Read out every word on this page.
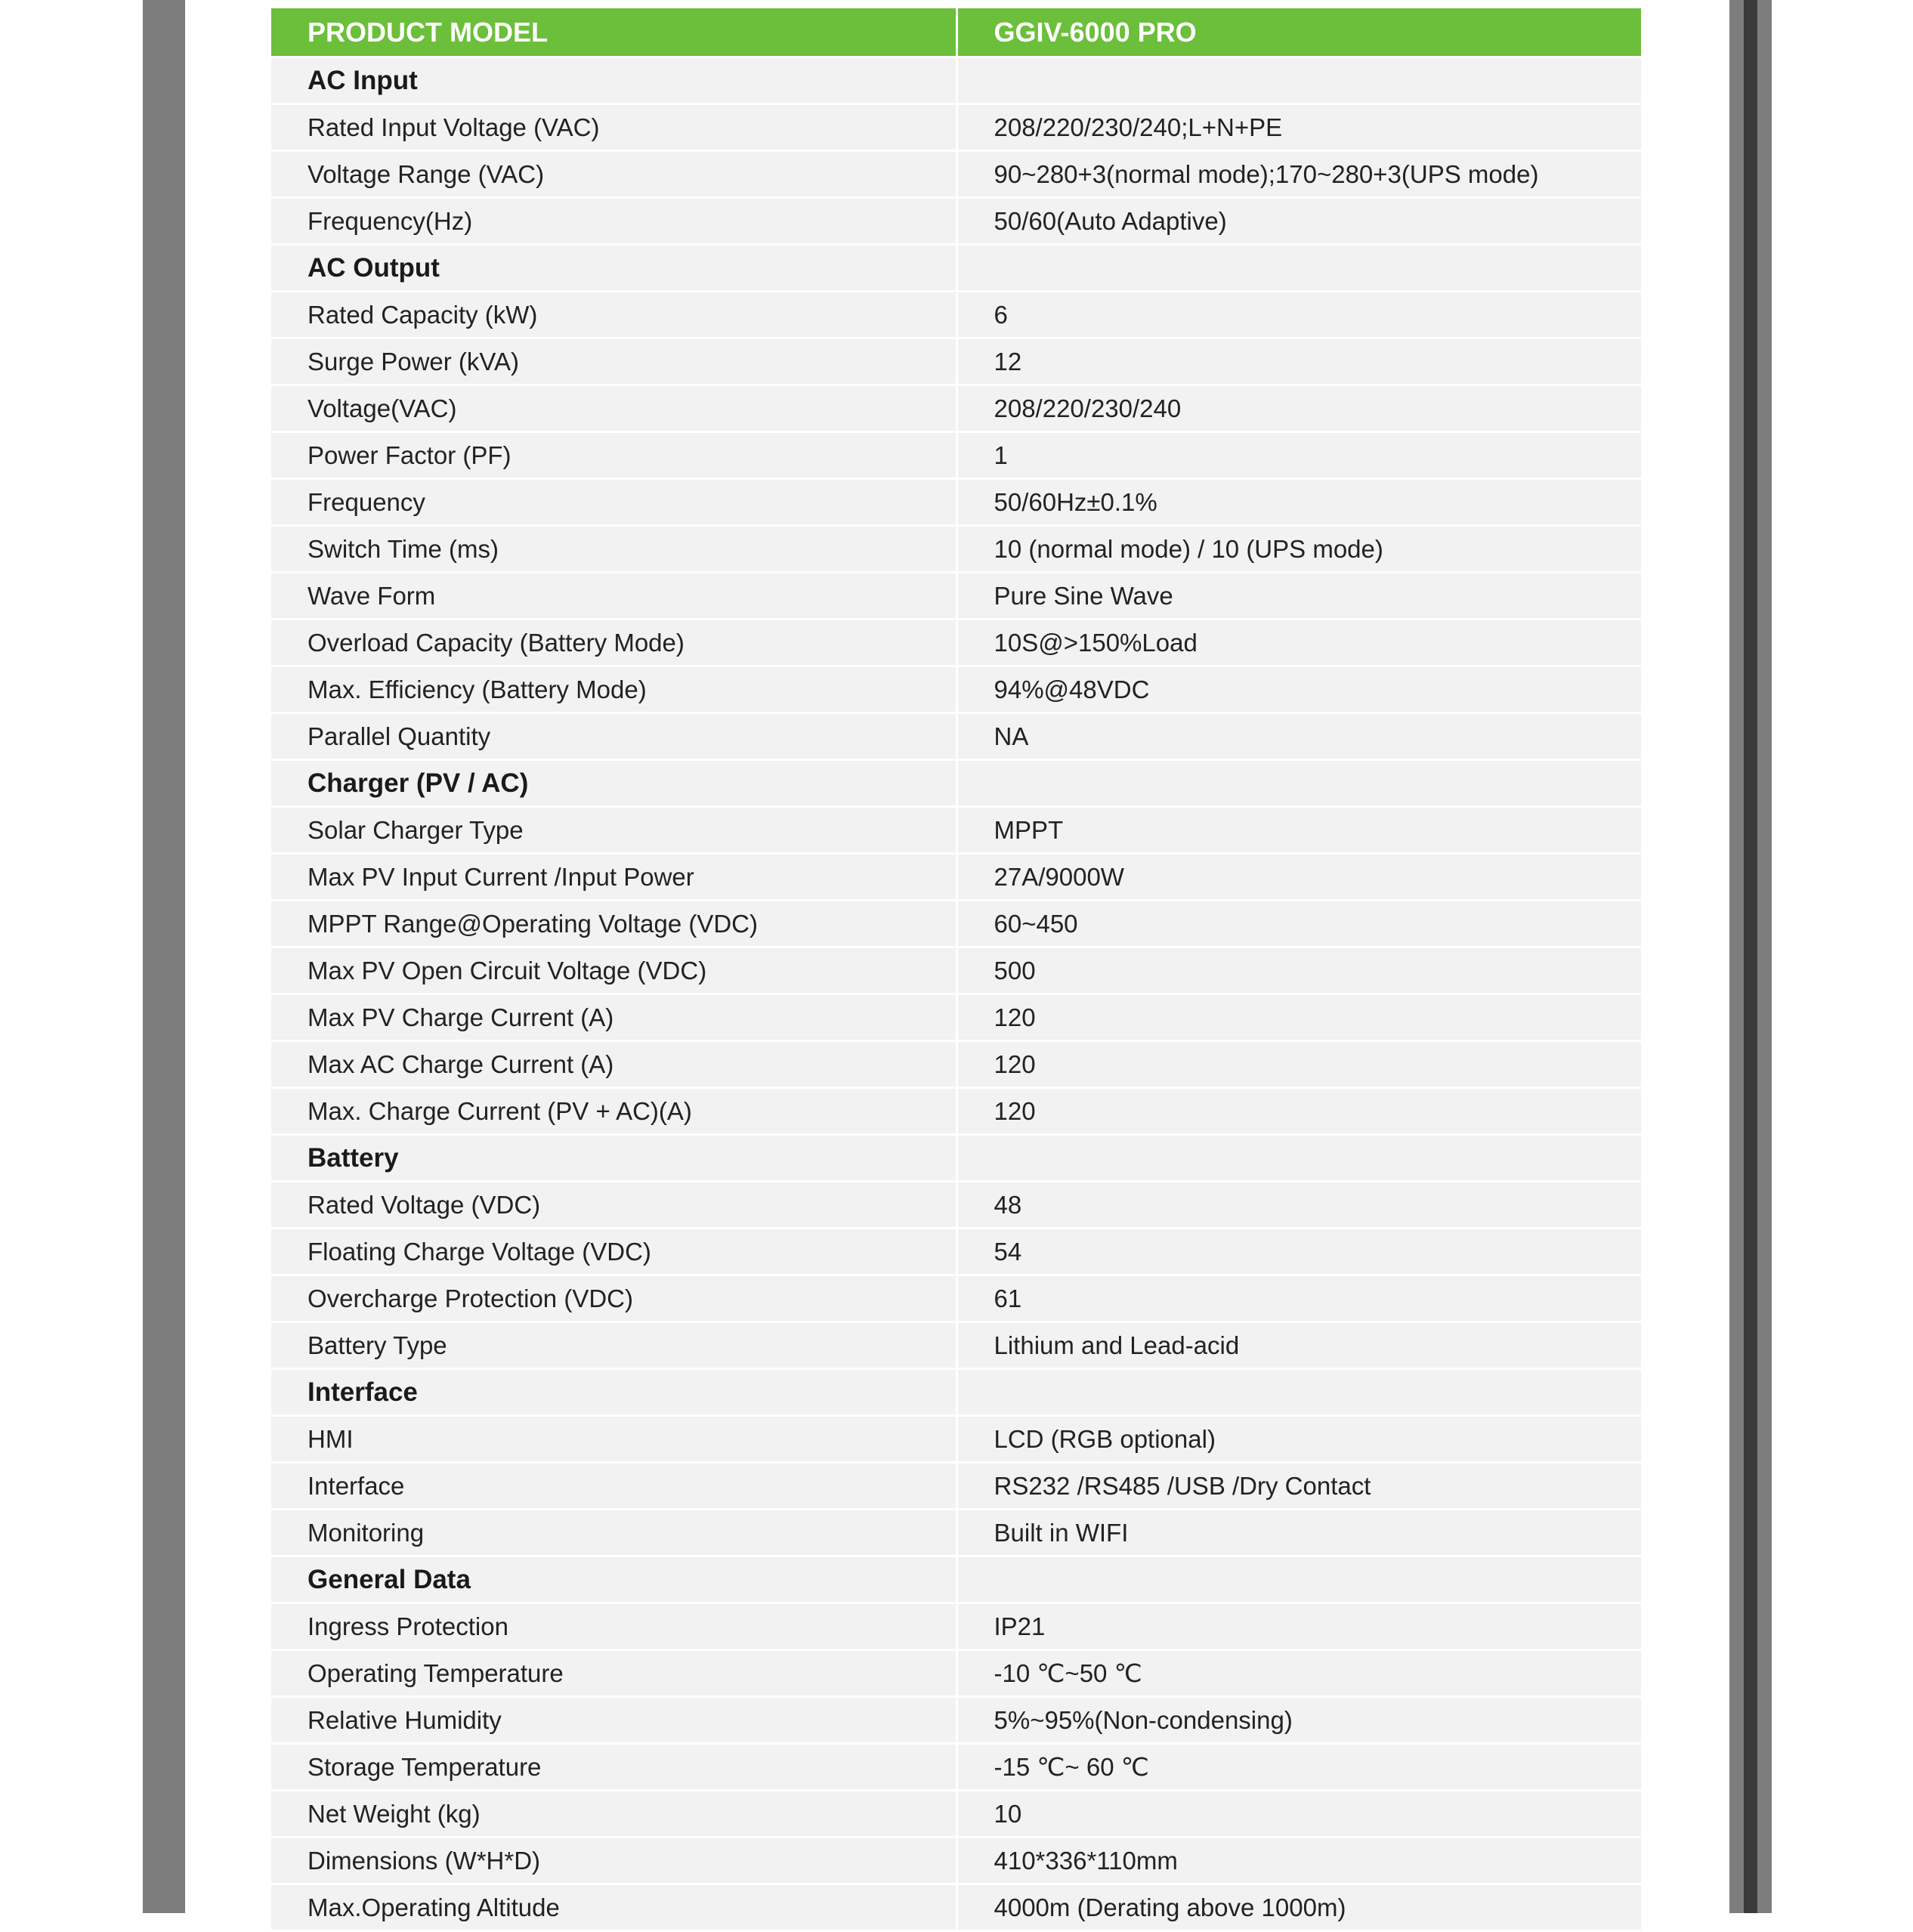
PRODUCT MODEL	GGIV-6000 PRO
AC Input	
Rated Input Voltage (VAC)	208/220/230/240;L+N+PE
Voltage Range (VAC)	90~280+3(normal mode);170~280+3(UPS mode)
Frequency(Hz)	50/60(Auto Adaptive)
AC Output	
Rated Capacity (kW)	6
Surge Power (kVA)	12
Voltage(VAC)	208/220/230/240
Power Factor (PF)	1
Frequency	50/60Hz±0.1%
Switch Time (ms)	10 (normal mode) / 10 (UPS mode)
Wave Form	Pure Sine Wave
Overload Capacity (Battery Mode)	10S@>150%Load
Max. Efficiency (Battery Mode)	94%@48VDC
Parallel Quantity	NA
Charger (PV / AC)	
Solar Charger Type	MPPT
Max PV Input Current /Input Power	27A/9000W
MPPT Range@Operating Voltage (VDC)	60~450
Max PV Open Circuit Voltage (VDC)	500
Max PV Charge Current (A)	120
Max AC Charge Current (A)	120
Max. Charge Current (PV + AC)(A)	120
Battery	
Rated Voltage (VDC)	48
Floating Charge Voltage (VDC)	54
Overcharge Protection (VDC)	61
Battery Type	Lithium and Lead-acid
Interface	
HMI	LCD (RGB optional)
Interface	RS232 /RS485 /USB /Dry Contact
Monitoring	Built in WIFI
General Data	
Ingress Protection	IP21
Operating Temperature	-10 ℃~50 ℃
Relative Humidity	5%~95%(Non-condensing)
Storage Temperature	-15 ℃~ 60 ℃
Net Weight (kg)	10
Dimensions (W*H*D)	410*336*110mm
Max.Operating Altitude	4000m (Derating above 1000m)
